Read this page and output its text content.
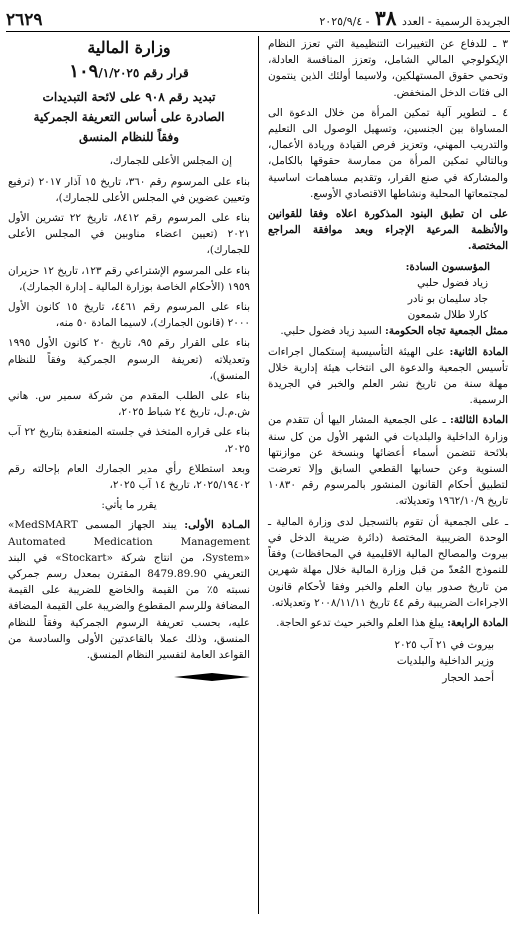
الجريدة الرسمية - العدد ٣٨ - ٢٠٢٥/٩/٤
٢٦٢٩

٣ ـ للدفاع عن التغييرات التنظيمية التي تعزز النظام الإيكولوجي المالي الشامل، وتعزز المنافسة العادلة، وتحمي حقوق المستهلكين، ولاسيما أولئك الذين ينتمون الى فئات الدخل المنخفض.

٤ ـ لتطوير آلية تمكين المرأة من خلال الدعوة الى المساواة بين الجنسين، وتسهيل الوصول الى التعليم والتدريب المهني، وتعزيز فرص القيادة وريادة الأعمال، وبالتالي تمكين المرأة من ممارسة حقوقها بالكامل، والمشاركة في صنع القرار، وتقديم مساهمات اساسية لمجتمعاتها المحلية ونشاطها الاقتصادي الأوسع.

على ان تطبق البنود المذكورة اعلاه وفقا للقوانين والأنظمة المرعية الإجراء وبعد موافقة المراجع المختصة.

المؤسسون السادة:

زياد فضول حلبي
جاد سليمان بو نادر
كارلا طلال شمعون

ممثل الجمعية تجاه الحكومة: السيد زياد فضول حلبي.

المادة الثانية: على الهيئة التأسيسية إستكمال اجراءات تأسيس الجمعية والدعوة الى انتخاب هيئة إدارية خلال مهلة سنة من تاريخ نشر العلم والخبر في الجريدة الرسمية.

المادة الثالثة: ـ على الجمعية المشار اليها أن تتقدم من وزارة الداخلية والبلديات في الشهر الأول من كل سنة بلائحة تتضمن أسماء أعضائها وبنسخة عن موازنتها السنوية وعن حسابها القطعي السابق وإلا تعرضت لتطبيق أحكام القانون المنشور بالمرسوم رقم ١٠٨٣٠ تاريخ ١٩٦٢/١٠/٩ وتعديلاته.

ـ على الجمعية أن تقوم بالتسجيل لدى وزارة المالية ـ الوحدة الضريبية المختصة (دائرة ضريبة الدخل في بيروت والمصالح المالية الاقليمية في المحافظات) وفقاً للنموذج المُعدّ من قبل وزارة المالية خلال مهلة شهرين من تاريخ صدور بيان العلم والخبر وفقا لأحكام قانون الاجراءات الضريبية رقم ٤٤ تاريخ ٢٠٠٨/١١/١١ وتعديلاته.

المادة الرابعة: يبلغ هذا العلم والخبر حيث تدعو الحاجة.

بيروت في ٢١ آب ٢٠٢٥
وزير الداخلية والبلديات
أحمد الحجار
وزارة المالية
قرار رقم ١٠٩/١/٢٠٢٥
تبديد رقم ٩٠٨ على لائحة التبديدات
الصادرة على أساس التعريفة الجمركية
وفقاً للنظام المنسق

إن المجلس الأعلى للجمارك،

بناء على المرسوم رقم ٣٦٠، تاريخ ١٥ آذار ٢٠١٧ (ترفيع وتعيين عضوين في المجلس الأعلى للجمارك)،

بناء على المرسوم رقم ٨٤١٢، تاريخ ٢٢ تشرين الأول ٢٠٢١ (تعيين اعضاء مناوبين في المجلس الأعلى للجمارك)،

بناء على المرسوم الإشتراعي رقم ١٢٣، تاريخ ١٢ حزيران ١٩٥٩ (الأحكام الخاصة بوزارة المالية ـ إدارة الجمارك)،

بناء على المرسوم رقم ٤٤٦١، تاريخ ١٥ كانون الأول ٢٠٠٠ (قانون الجمارك)، لاسيما المادة ٥٠ منه،

بناء على القرار رقم ٩٥، تاريخ ٢٠ كانون الأول ١٩٩٥ وتعديلاته (تعريفة الرسوم الجمركية وفقاً للنظام المنسق)،

بناء على الطلب المقدم من شركة سمير س. هاني ش.م.ل، تاريخ ٢٤ شباط ٢٠٢٥،

بناء على قراره المتخذ في جلسته المنعقدة بتاريخ ٢٢ آب ٢٠٢٥،

وبعد استطلاع رأي مدير الجمارك العام بإحالته رقم ٢٠٢٥/١٩٤٠٢، تاريخ ١٤ آب ٢٠٢٥،

يقرر ما يأتي:

المـادة الأولى: يبند الجهاز المسمى «MedSMART Automated Medication	Management System»، من انتاج شركة «Stockart» في البند التعريفي 8479.89.90 المقترن بمعدل رسم جمركي نسبته ٥٪ من القيمة والخاضع للضريبة على القيمة المضافة وللرسم المقطوع والضريبة على القيمة المضافة عليه، بحسب تعريفة الرسوم الجمركية وفقاً للنظام المنسق، وذلك عملا بالقاعدتين الأولى والسادسة من القواعد العامة لتفسير النظام المنسق.
